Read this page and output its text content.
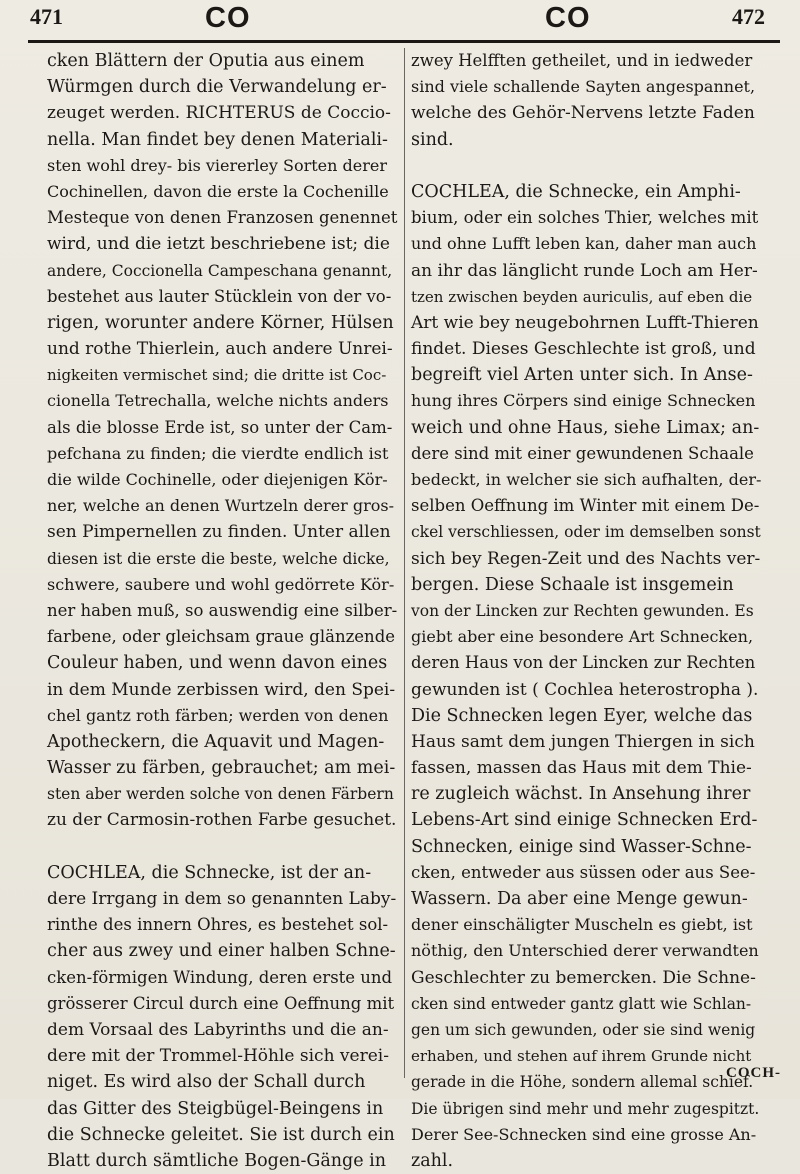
471	CO	CO	472
cken Blättern der Oputia aus einem
Würmgen durch die Verwandelung er-
zeuget werden. RICHTERUS de Coccio-
nella. Man findet bey denen Materiali-
sten wohl drey- bis viererley Sorten derer
Cochinellen, davon die erste la Cochenille
Mesteque von denen Franzosen genennet
wird, und die ietzt beschriebene ist; die
andere, Coccionella Campeschana genannt,
bestehet aus lauter Stücklein von der vo-
rigen, worunter andere Körner, Hülsen
und rothe Thierlein, auch andere Unrei-
nigkeiten vermischet sind; die dritte ist Coc-
cionella Tetrechalla, welche nichts anders
als die blosse Erde ist, so unter der Cam-
pefchana zu finden; die vierdte endlich ist
die wilde Cochinelle, oder diejenigen Kör-
ner, welche an denen Wurtzeln derer gros-
sen Pimpernellen zu finden. Unter allen
diesen ist die erste die beste, welche dicke,
schwere, saubere und wohl gedörrete Kör-
ner haben muß, so auswendig eine silber-
farbene, oder gleichsam graue glänzende
Couleur haben, und wenn davon eines
in dem Munde zerbissen wird, den Spei-
chel gantz roth färben; werden von denen
Apotheckern, die Aquavit und Magen-
Wasser zu färben, gebrauchet; am mei-
sten aber werden solche von denen Färbern
zu der Carmosin-rothen Farbe gesuchet.
COCHLEA, die Schnecke, ist der an-
dere Irrgang in dem so genannten Laby-
rinthe des innern Ohres, es bestehet sol-
cher aus zwey und einer halben Schne-
cken-förmigen Windung, deren erste und
grösserer Circul durch eine Oeffnung mit
dem Vorsaal des Labyrinths und die an-
dere mit der Trommel-Höhle sich verei-
niget. Es wird also der Schall durch
das Gitter des Steigbügel-Beingens in
die Schnecke geleitet. Sie ist durch ein
Blatt durch sämtliche Bogen-Gänge in
zwey Helfften getheilet, und in iedweder
sind viele schallende Sayten angespannet,
welche des Gehör-Nervens letzte Faden
sind.
COCHLEA, die Schnecke, ein Amphi-
bium, oder ein solches Thier, welches mit
und ohne Lufft leben kan, daher man auch
an ihr das länglicht runde Loch am Her-
tzen zwischen beyden auriculis, auf eben die
Art wie bey neugebohrnen Lufft-Thieren
findet. Dieses Geschlechte ist groß, und
begreift viel Arten unter sich. In Anse-
hung ihres Cörpers sind einige Schnecken
weich und ohne Haus, siehe Limax; an-
dere sind mit einer gewundenen Schaale
bedeckt, in welcher sie sich aufhalten, der-
selben Oeffnung im Winter mit einem De-
ckel verschliessen, oder im demselben sonst
sich bey Regen-Zeit und des Nachts ver-
bergen. Diese Schaale ist insgemein
von der Lincken zur Rechten gewunden. Es
giebt aber eine besondere Art Schnecken,
deren Haus von der Lincken zur Rechten
gewunden ist ( Cochlea heterostropha ).
Die Schnecken legen Eyer, welche das
Haus samt dem jungen Thiergen in sich
fassen, massen das Haus mit dem Thie-
re zugleich wächst. In Ansehung ihrer
Lebens-Art sind einige Schnecken Erd-
Schnecken, einige sind Wasser-Schne-
cken, entweder aus süssen oder aus See-
Wassern. Da aber eine Menge gewun-
dener einschäligter Muscheln es giebt, ist
nöthig, den Unterschied derer verwandten
Geschlechter zu bemercken. Die Schne-
cken sind entweder gantz glatt wie Schlan-
gen um sich gewunden, oder sie sind wenig
erhaben, und stehen auf ihrem Grunde nicht
gerade in die Höhe, sondern allemal schief.
Die übrigen sind mehr und mehr zugespitzt.
Derer See-Schnecken sind eine grosse An-
zahl.
COCH-
